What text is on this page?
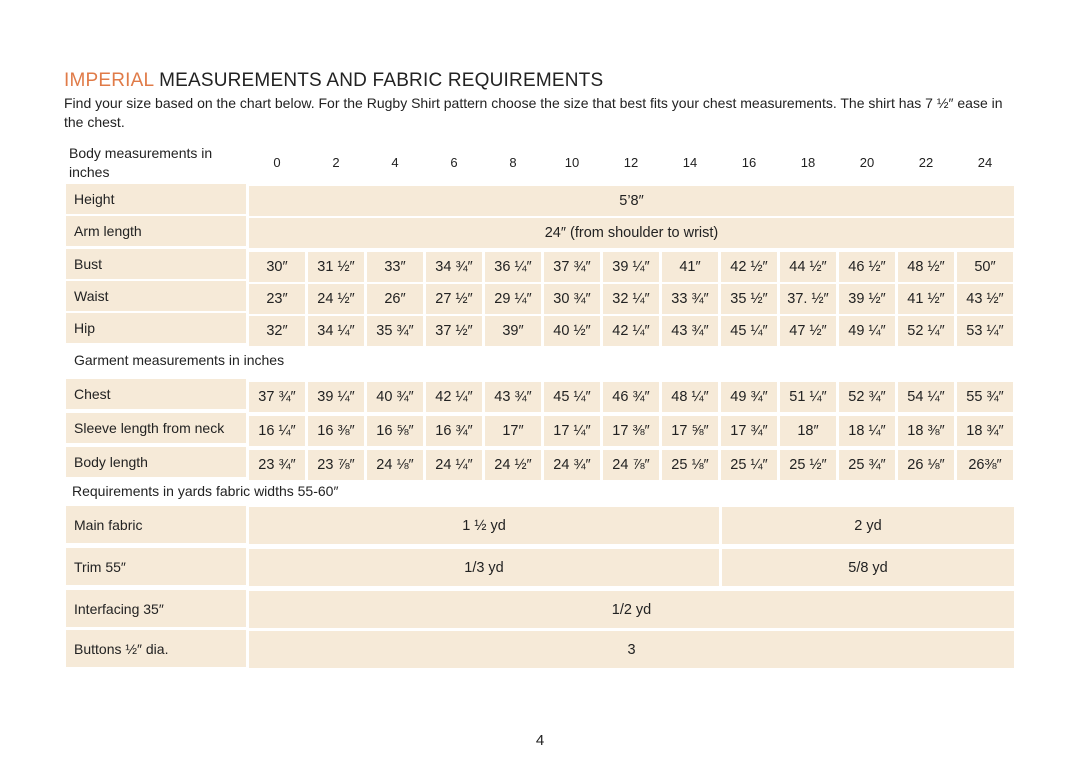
IMPERIAL MEASUREMENTS AND FABRIC REQUIREMENTS
Find your size based on the chart below. For the Rugby Shirt pattern choose the size that best fits your chest measurements. The shirt has 7 ½″ ease in the chest.
Body measurements in inches
0	2	4	6	8	10	12	14	16	18	20	22	24
Height	5’8″
Arm length	24″ (from shoulder to wrist)
Bust	30″	31 ½″	33″	34 ¾″	36 ¼″	37 ¾″	39 ¼″	41″	42 ½″	44 ½″	46 ½″	48 ½″	50″
Waist	23″	24 ½″	26″	27 ½″	29 ¼″	30 ¾″	32 ¼″	33 ¾″	35 ½″	37. ½″	39 ½″	41 ½″	43 ½″
Hip	32″	34 ¼″	35 ¾″	37 ½″	39″	40 ½″	42 ¼″	43 ¾″	45 ¼″	47 ½″	49 ¼″	52 ¼″	53 ¼″
Garment measurements in inches
Chest	37 ¾″	39 ¼″	40 ¾″	42 ¼″	43 ¾″	45 ¼″	46 ¾″	48 ¼″	49 ¾″	51 ¼″	52 ¾″	54 ¼″	55 ¾″
Sleeve length from neck	16 ¼″	16 ⅜″	16 ⅝″	16 ¾″	17″	17 ¼″	17 ⅜″	17 ⅝″	17 ¾″	18″	18 ¼″	18 ⅜″	18 ¾″
Body length	23 ¾″	23 ⅞″	24 ⅛″	24 ¼″	24 ½″	24 ¾″	24 ⅞″	25 ⅛″	25 ¼″	25 ½″	25 ¾″	26 ⅛″	26⅜″
Requirements in yards fabric widths 55-60″
Main fabric	1 ½ yd	2 yd
Trim 55″	1/3 yd	5/8 yd
Interfacing 35″	1/2 yd
Buttons ½″ dia.	3
4
